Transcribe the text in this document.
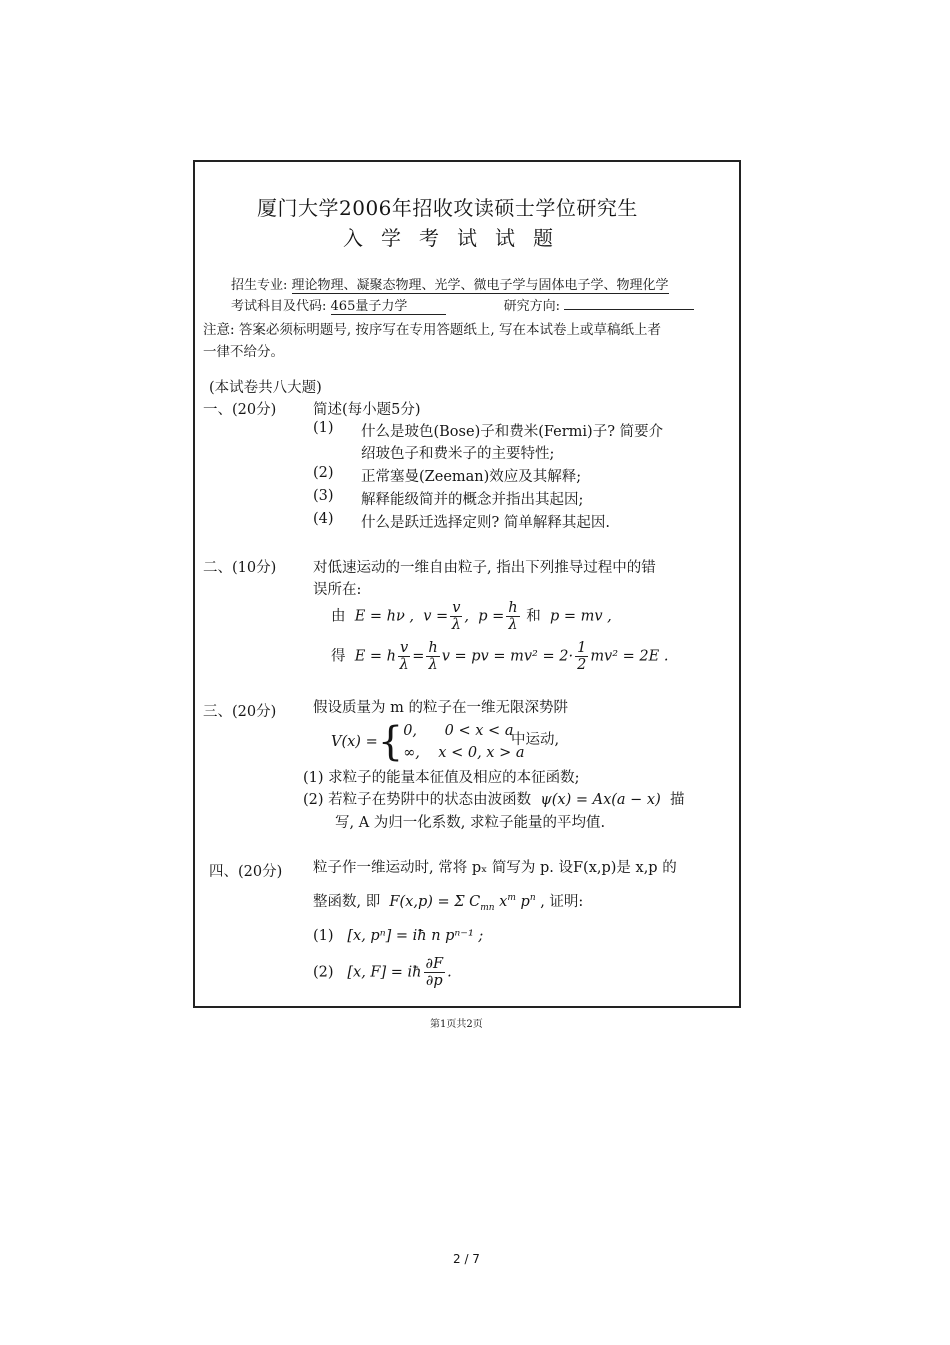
厦门大学2006年招收攻读硕士学位研究生
入学考试试题
招生专业: 理论物理、凝聚态物理、光学、微电子学与固体电子学、物理化学
考试科目及代码: 465量子力学	研究方向:
注意: 答案必须标明题号, 按序写在专用答题纸上, 写在本试卷上或草稿纸上者
一律不给分。
(本试卷共八大题)
一、(20分)	简述(每小题5分)
(1) 什么是玻色(Bose)子和费米(Fermi)子? 简要介
绍玻色子和费米子的主要特性;
(2) 正常塞曼(Zeeman)效应及其解释;
(3) 解释能级简并的概念并指出其起因;
(4) 什么是跃迁选择定则? 简单解释其起因.
二、(10分)	对低速运动的一维自由粒子, 指出下列推导过程中的错
误所在:
由  E = hν ,  $v = \frac{v}{\lambda}$ ,  $p = \frac{h}{\lambda}$ 和  p = mv ,
得  E = h $\frac{v}{\lambda} = \frac{h}{\lambda}$ v = pv = $mv^2 = 2\cdot \frac{1}{2} mv^2 = 2E$ .
三、(20分)	假设质量为 m 的粒子在一维无限深势阱
V(x) ={0,      0 < x < a
∞,    x < 0, x > a
中运动,
(1) 求粒子的能量本征值及相应的本征函数;
(2) 若粒子在势阱中的状态由波函数  ψ(x) = Ax(a − x)  描
写, A 为归一化系数, 求粒子能量的平均值.
四、(20分) 粒子作一维运动时, 常将 pₓ 简写为 p. 设F(x,p)是 x,p 的
整函数, 即  F(x,p) = Σ $C_{mn}$ $x^m$ $p^n$ , 证明:
(1)   [x, pⁿ] = iħ n pⁿ⁻¹ ;
(2)   [x, F] = iħ $\frac{\partial F}{\partial p}$ .
第1页共2页
2 / 7
